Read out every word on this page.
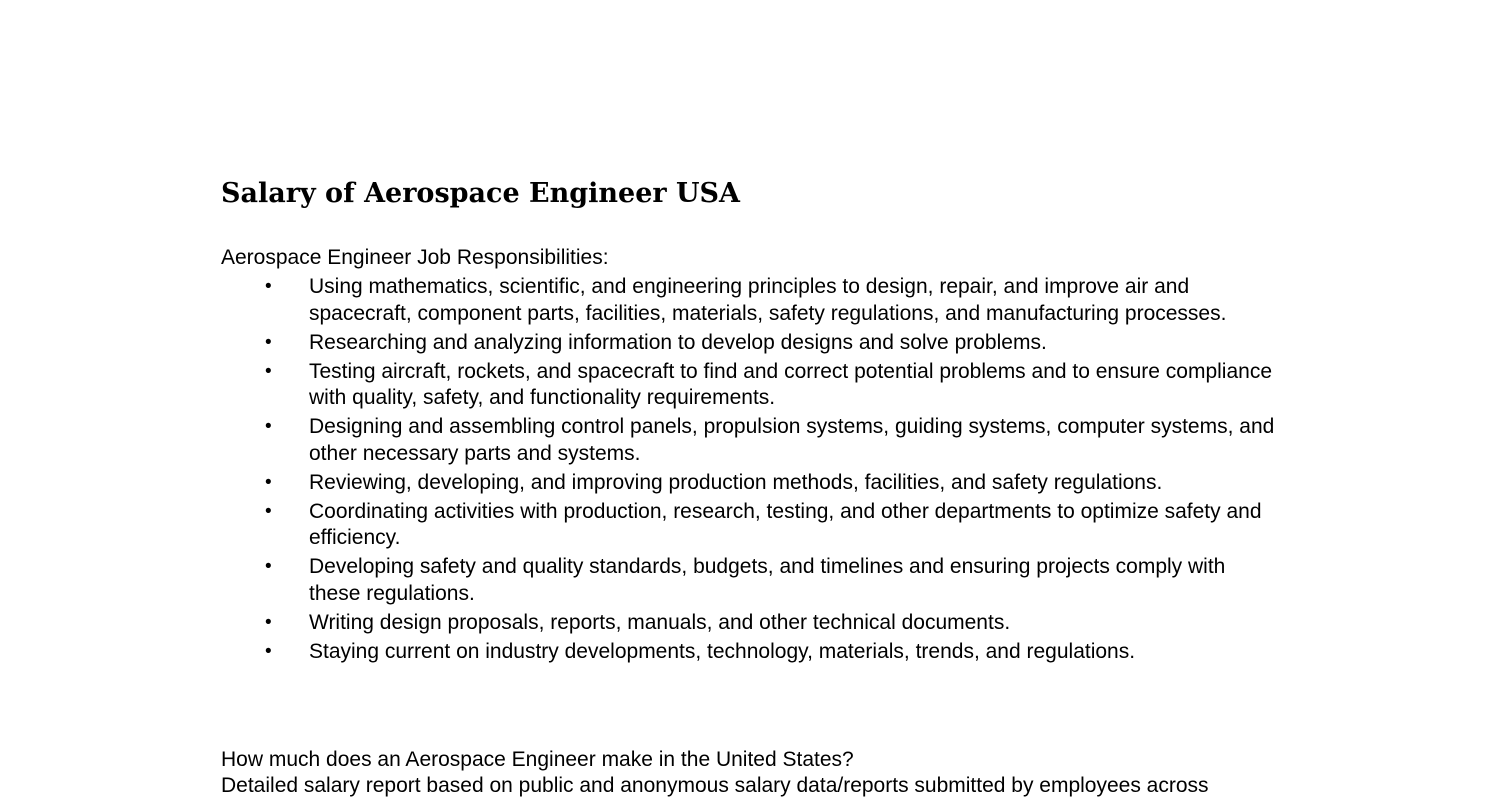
Salary of Aerospace Engineer USA

Aerospace Engineer Job Responsibilities:

• Using mathematics, scientific, and engineering principles to design, repair, and improve air and spacecraft, component parts, facilities, materials, safety regulations, and manufacturing processes.
• Researching and analyzing information to develop designs and solve problems.
• Testing aircraft, rockets, and spacecraft to find and correct potential problems and to ensure compliance with quality, safety, and functionality requirements.
• Designing and assembling control panels, propulsion systems, guiding systems, computer systems, and other necessary parts and systems.
• Reviewing, developing, and improving production methods, facilities, and safety regulations.
• Coordinating activities with production, research, testing, and other departments to optimize safety and efficiency.
• Developing safety and quality standards, budgets, and timelines and ensuring projects comply with these regulations.
• Writing design proposals, reports, manuals, and other technical documents.
• Staying current on industry developments, technology, materials, trends, and regulations.

How much does an Aerospace Engineer make in the United States?

Detailed salary report based on public and anonymous salary data/reports submitted by employees across
